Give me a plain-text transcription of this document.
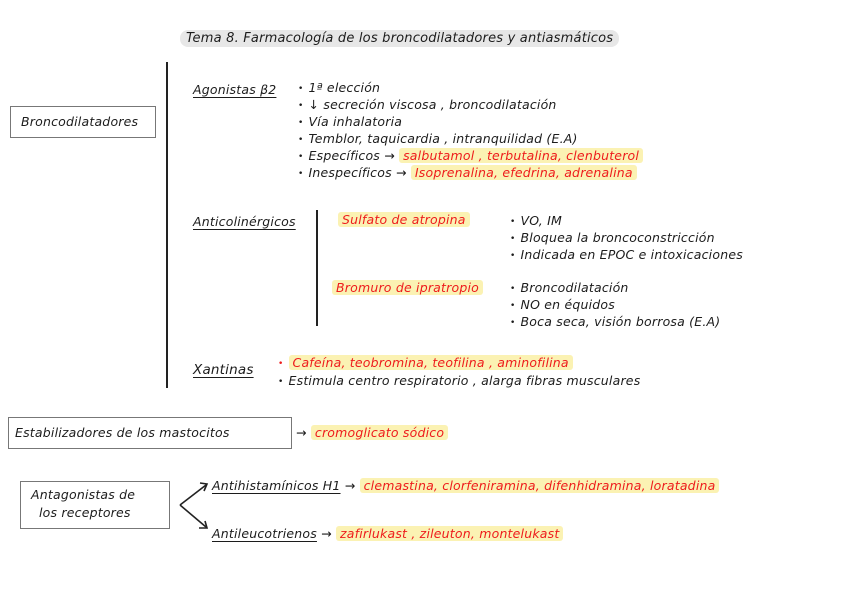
Tema 8. Farmacología de los broncodilatadores y antiasmáticos
Broncodilatadores
Agonistas β2 • 1ª elección
• ↓ secreción viscosa , broncodilatación
• Vía inhalatoria
• Temblor, taquicardia , intranquilidad (E.A)
• Específicos → salbutamol , terbutalina, clenbuterol
• Inespecíficos → Isoprenalina, efedrina, adrenalina
Anticolinérgicos	Sulfato de atropina	• VO, IM
• Bloquea la broncoconstricción
• Indicada en EPOC e intoxicaciones
Bromuro de ipratropio	• Broncodilatación
• NO en équidos
• Boca seca, visión borrosa (E.A)
Xantinas	• Cafeína, teobromina, teofilina , aminofilina
• Estimula centro respiratorio , alarga fibras musculares
Estabilizadores de los mastocitos	→ cromoglicato sódico
Antagonistas de
los receptores
Antihistamínicos H1 → clemastina, clorfeniramina, difenhidramina, loratadina
Antileucotrienos → zafirlukast , zileuton, montelukast
